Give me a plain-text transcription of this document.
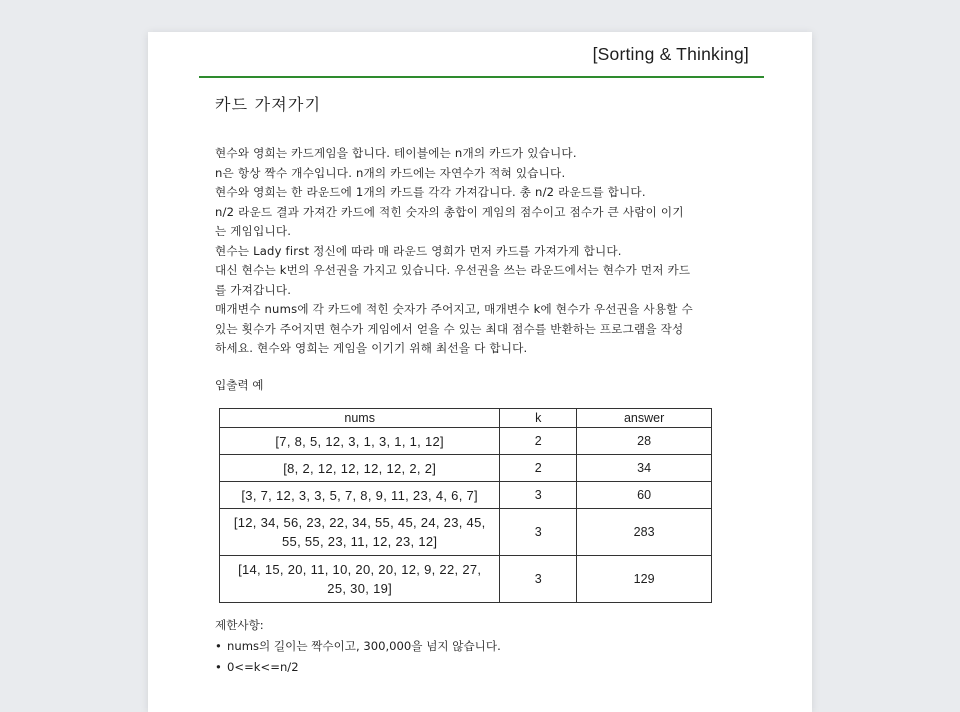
[Sorting & Thinking]
카드 가져가기
현수와 영희는 카드게임을 합니다. 테이블에는 n개의 카드가 있습니다.
n은 항상 짝수 개수입니다. n개의 카드에는 자연수가 적혀 있습니다.
현수와 영희는 한 라운드에 1개의 카드를 각각 가져갑니다. 총 n/2 라운드를 합니다.
n/2 라운드 결과 가져간 카드에 적힌 숫자의 총합이 게임의 점수이고 점수가 큰 사람이 이기
는 게임입니다.
현수는 Lady first 정신에 따라 매 라운드 영희가 먼저 카드를 가져가게 합니다.
대신 현수는 k번의 우선권을 가지고 있습니다. 우선권을 쓰는 라운드에서는 현수가 먼저 카드
를 가져갑니다.
매개변수 nums에 각 카드에 적힌 숫자가 주어지고, 매개변수 k에 현수가 우선권을 사용할 수
있는 횟수가 주어지면 현수가 게임에서 얻을 수 있는 최대 점수를 반환하는 프로그램을 작성
하세요. 현수와 영희는 게임을 이기기 위해 최선을 다 합니다.
입출력 예
nums	k	answer
[7, 8, 5, 12, 3, 1, 3, 1, 1, 12]	2	28
[8, 2, 12, 12, 12, 12, 2, 2]	2	34
[3, 7, 12, 3, 3, 5, 7, 8, 9, 11, 23, 4, 6, 7]	3	60
[12, 34, 56, 23, 22, 34, 55, 45, 24, 23, 45,
55, 55, 23, 11, 12, 23, 12]	3	283
[14, 15, 20, 11, 10, 20, 20, 12, 9, 22, 27,
25, 30, 19]	3	129
제한사항:
• nums의 길이는 짝수이고, 300,000을 넘지 않습니다.
• 0<=k<=n/2
